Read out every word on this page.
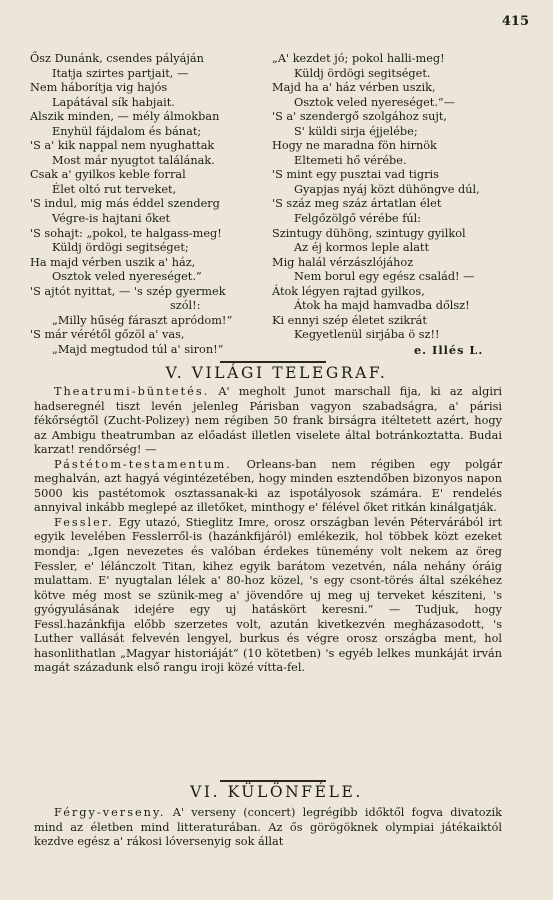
415
Ősz Dunánk, csendes pályáján
Itatja szirtes partjait, —
Nem háborítja vig hajós
Lapátával sík habjait.
Alszik minden, — mély álmokban
Enyhül fájdalom és bánat;
'S a' kik nappal nem nyughattak
Most már nyugtot találának.
Csak a' gyilkos keble forral
Élet oltó rut terveket,
'S indul, mig más éddel szenderg
Végre-is hajtani őket
'S sohajt: „pokol, te halgass-meg!
Küldj ördögi segitséget;
Ha majd vérben uszik a' ház,
Osztok veled nyereséget.“
'S ajtót nyittat, — 's szép gyermek
szól!:
„Milly hűség fáraszt apródom!“
'S már vérétől gőzöl a' vas,
„Majd megtudod túl a' siron!“
„A' kezdet jó; pokol halli-meg!
Küldj ördögi segitséget.
Majd ha a' ház vérben uszik,
Osztok veled nyereséget.“—
'S a' szendergő szolgához sujt,
S' küldi sirja éjjelébe;
Hogy ne maradna fön hirnök
Eltemeti hő vérébe.
'S mint egy pusztai vad tigris
Gyapjas nyáj közt dühöngve dúl,
'S száz meg száz ártatlan élet
Felgőzölgő vérébe fúl:
Szintugy dühöng, szintugy gyilkol
Az éj kormos leple alatt
Mig halál vérzászlójához
Nem borul egy egész család! —
Átok légyen rajtad gyilkos,
Átok ha majd hamvadba dőlsz!
Ki ennyi szép életet szikrát
Kegyetlenül sirjába ö sz!!
e. Illés L.
V. VILÁGI TELEGRAF.

Theatrumi-büntetés. A' megholt Junot marschall fija, ki az algiri hadseregnél tiszt levén jelenleg Párisban vagyon szabadságra, a' párisi fékőrségtől (Zucht-Polizey) nem régiben 50 frank birságra itéltetett azért, hogy az Ambigu theatrumban az előadást illetlen viselete által botránkoztatta. Budai karzat! rendőrség! —

Pástétom-testamentum. Orleans-ban nem régiben egy polgár meghalván, azt hagyá végintézetében, hogy minden esztendőben bizonyos napon 5000 kis pastétomok osztassanak-ki az ispotályosok számára. E' rendelés annyival inkább meglepé az illetőket, minthogy e' félével őket ritkán kinálgatják.

Fessler. Egy utazó, Stieglitz Imre, orosz országban levén Pétervárából irt egyik levelében Fesslerről-is (hazánkfijáról) emlékezik, hol többek közt ezeket mondja: „Igen nevezetes és valóban érdekes tünemény volt nekem az öreg Fessler, e' lélánczolt Titan, kihez egyik barátom vezetvén, nála nehány óráig mulattam. E' nyugtalan lélek a' 80-hoz közel, 's egy csont-törés által székéhez kötve még most se szünik-meg a' jövendőre uj meg uj terveket késziteni, 's gyógyulásának idejére egy uj hatáskört keresni.“ — Tudjuk, hogy Fessl.hazánkfija előbb szerzetes volt, azután kivetkezvén megházasodott, 's Luther vallását felvevén lengyel, burkus és végre orosz országba ment, hol hasonlithatlan „Magyar historiáját“ (10 kötetben) 's egyéb lelkes munkáját irván magát századunk első rangu iroji közé vítta-fel.

VI. KÜLÖNFÉLE.

Férgy-verseny. A' verseny (concert) legrégibb időktől fogva divatozik mind az életben mind litteraturában. Az ős görögöknek olympiai játékaiktól kezdve egész a' rákosi lóversenyig sok állat
